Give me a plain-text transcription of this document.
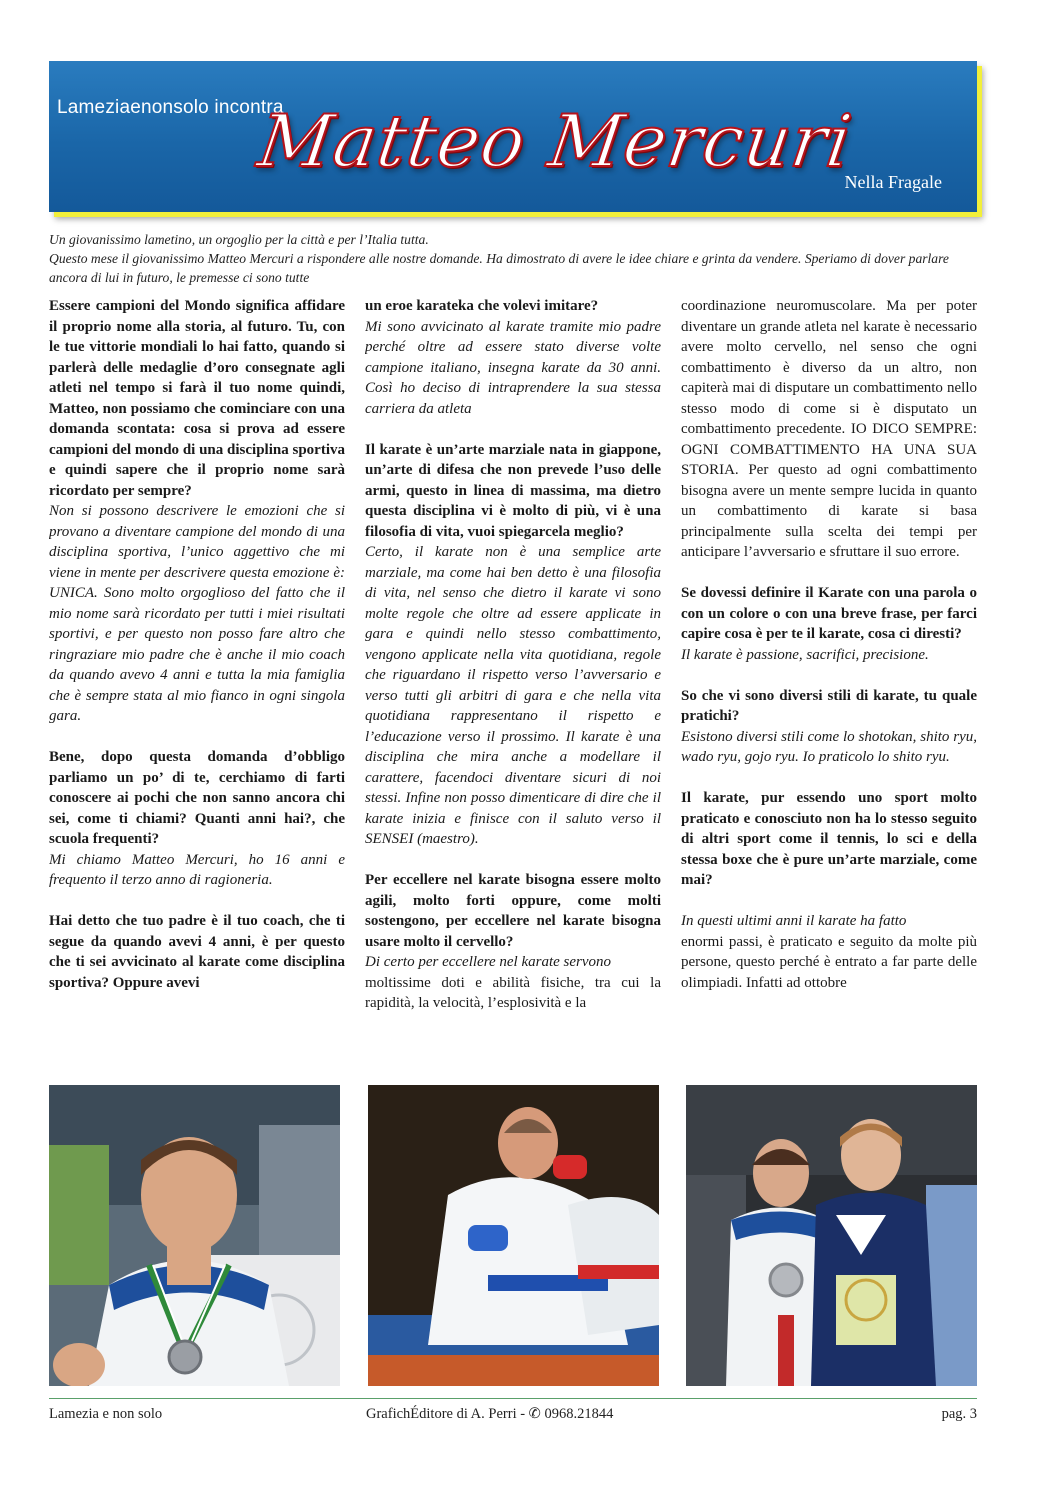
Lameziaenonsolo incontra
Matteo Mercuri
Nella Fragale

Un giovanissimo lametino, un orgoglio per la città e per l’Italia tutta.

Questo mese il giovanissimo Matteo Mercuri a rispondere alle nostre domande. Ha dimostrato di avere le idee chiare e grinta da vendere. Speriamo di dover parlare ancora di lui in futuro, le premesse ci sono tutte

Essere campioni del Mondo significa affidare il proprio nome alla storia, al futuro. Tu, con le tue vittorie mondiali lo hai fatto, quando si parlerà delle medaglie d’oro consegnate agli atleti nel tempo si farà il tuo nome quindi, Matteo, non possiamo che cominciare con una domanda scontata: cosa si prova ad essere campioni del mondo di una disciplina sportiva e quindi sapere che il proprio nome sarà ricordato per sempre?

Non si possono descrivere le emozioni che si provano a diventare campione del mondo di una disciplina sportiva, l’unico aggettivo che mi viene in mente per descrivere questa emozione è: UNICA. Sono molto orgoglioso del fatto che il mio nome sarà ricordato per tutti i miei risultati sportivi, e per questo non posso fare altro che ringraziare mio padre che è anche il mio coach da quando avevo 4 anni e tutta la mia famiglia che è sempre stata al mio fianco in ogni singola gara.

Bene, dopo questa domanda d’obbligo parliamo un po’ di te, cerchiamo di farti conoscere ai pochi che non sanno ancora chi sei, come ti chiami? Quanti anni hai?, che scuola frequenti?

Mi chiamo Matteo Mercuri, ho 16 anni e frequento il terzo anno di ragioneria.

Hai detto che tuo padre è il tuo coach, che ti segue da quando avevi 4 anni, è per questo che ti sei avvicinato al karate come disciplina sportiva? Oppure avevi

un eroe karateka che volevi imitare?

Mi sono avvicinato al karate tramite mio padre perché oltre ad essere stato diverse volte campione italiano, insegna karate da 30 anni. Così ho deciso di intraprendere la sua stessa carriera da atleta

Il karate è un’arte marziale nata in giappone, un’arte di difesa che non prevede l’uso delle armi, questo in linea di massima, ma dietro questa disciplina vi è molto di più, vi è una filosofia di vita, vuoi spiegarcela meglio?

Certo, il karate non è una semplice arte marziale, ma come hai ben detto è una filosofia di vita, nel senso che dietro il karate vi sono molte regole che oltre ad essere applicate in gara e quindi nello stesso combattimento, vengono applicate nella vita quotidiana, regole che riguardano il rispetto verso l’avversario e verso tutti gli arbitri di gara e che nella vita quotidiana rappresentano il rispetto e l’educazione verso il prossimo. Il karate è una disciplina che mira anche a modellare il carattere, facendoci diventare sicuri di noi stessi. Infine non posso dimenticare di dire che il karate inizia e finisce con il saluto verso il SENSEI (maestro).

Per eccellere nel karate bisogna essere molto agili, molto forti oppure, come molti sostengono, per eccellere nel karate bisogna usare molto il cervello?

Di certo per eccellere nel karate servono

moltissime doti e abilità fisiche, tra cui la rapidità, la velocità, l’esplosività e la

coordinazione neuromuscolare. Ma per poter diventare un grande atleta nel karate è necessario avere molto cervello, nel senso che ogni combattimento è diverso da un altro, non capiterà mai di disputare un combattimento nello stesso modo di come si è disputato un combattimento precedente. IO DICO SEMPRE: OGNI COMBATTIMENTO HA UNA SUA STORIA. Per questo ad ogni combattimento bisogna avere un mente sempre lucida in quanto un combattimento di karate si basa principalmente sulla scelta dei tempi per anticipare l’avversario e sfruttare il suo errore.

Se dovessi definire il Karate con una parola o con un colore o con una breve frase, per farci capire cosa è per te il karate, cosa ci diresti?

Il karate è passione, sacrifici, precisione.

So che vi sono diversi stili di karate, tu quale pratichi?

Esistono diversi stili come lo shotokan, shito ryu, wado ryu, gojo ryu. Io praticolo lo shito ryu.

Il karate, pur essendo uno sport molto praticato e conosciuto non ha lo stesso seguito di altri sport come il tennis, lo sci e della stessa boxe che è pure un’arte marziale, come mai?

In questi ultimi anni il karate ha fatto

enormi passi, è praticato e seguito da molte più persone, questo perché è entrato a far parte delle olimpiadi. Infatti ad ottobre

Lamezia e non solo	GrafichÉditore di A. Perri - ✆ 0968.21844	pag. 3
